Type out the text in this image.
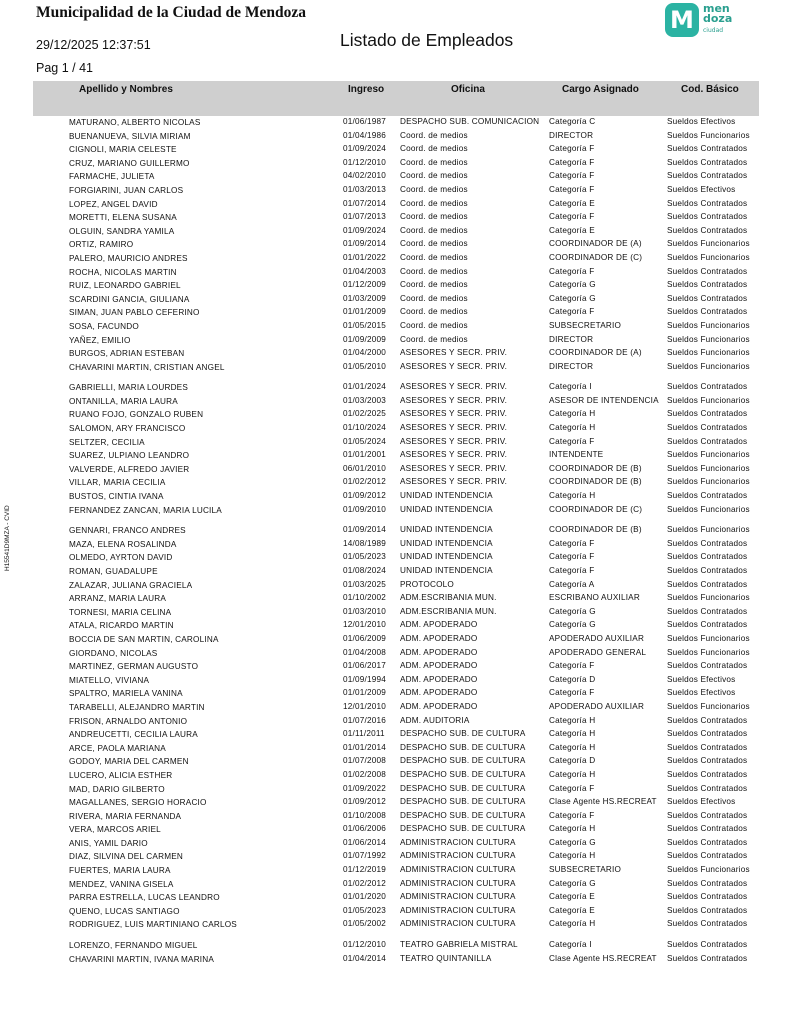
Municipalidad de la Ciudad de Mendoza
29/12/2025 12:37:51	Listado de Empleados
Pag 1 / 41
M men
doza
ciudad
Apellido y Nombres	Ingreso	Oficina	Cargo Asignado	Cod. Básico
H15541D9MZA - CVID
MATURANO, ALBERTO NICOLAS	01/06/1987	DESPACHO SUB. COMUNICACION	Categoría C	Sueldos Efectivos
BUENANUEVA, SILVIA MIRIAM	01/04/1986	Coord. de medios	DIRECTOR	Sueldos Funcionarios
CIGNOLI, MARIA CELESTE	01/09/2024	Coord. de medios	Categoría F	Sueldos Contratados
CRUZ, MARIANO GUILLERMO	01/12/2010	Coord. de medios	Categoría F	Sueldos Contratados
FARMACHE, JULIETA	04/02/2010	Coord. de medios	Categoría F	Sueldos Contratados
FORGIARINI, JUAN CARLOS	01/03/2013	Coord. de medios	Categoría F	Sueldos Efectivos
LOPEZ, ANGEL DAVID	01/07/2014	Coord. de medios	Categoría E	Sueldos Contratados
MORETTI, ELENA SUSANA	01/07/2013	Coord. de medios	Categoría F	Sueldos Contratados
OLGUIN, SANDRA YAMILA	01/09/2024	Coord. de medios	Categoría E	Sueldos Contratados
ORTIZ, RAMIRO	01/09/2014	Coord. de medios	COORDINADOR DE (A)	Sueldos Funcionarios
PALERO, MAURICIO ANDRES	01/01/2022	Coord. de medios	COORDINADOR DE (C)	Sueldos Funcionarios
ROCHA, NICOLAS MARTIN	01/04/2003	Coord. de medios	Categoría F	Sueldos Contratados
RUIZ, LEONARDO GABRIEL	01/12/2009	Coord. de medios	Categoría G	Sueldos Contratados
SCARDINI GANCIA, GIULIANA	01/03/2009	Coord. de medios	Categoría G	Sueldos Contratados
SIMAN, JUAN PABLO CEFERINO	01/01/2009	Coord. de medios	Categoría F	Sueldos Contratados
SOSA, FACUNDO	01/05/2015	Coord. de medios	SUBSECRETARIO	Sueldos Funcionarios
YAÑEZ, EMILIO	01/09/2009	Coord. de medios	DIRECTOR	Sueldos Funcionarios
BURGOS, ADRIAN ESTEBAN	01/04/2000	ASESORES Y SECR. PRIV.	COORDINADOR DE (A)	Sueldos Funcionarios
CHAVARINI MARTIN, CRISTIAN ANGEL	01/05/2010	ASESORES Y SECR. PRIV.	DIRECTOR	Sueldos Funcionarios
GABRIELLI, MARIA LOURDES	01/01/2024	ASESORES Y SECR. PRIV.	Categoría I	Sueldos Contratados
ONTANILLA, MARIA LAURA	01/03/2003	ASESORES Y SECR. PRIV.	ASESOR DE INTENDENCIA	Sueldos Funcionarios
RUANO FOJO, GONZALO RUBEN	01/02/2025	ASESORES Y SECR. PRIV.	Categoría H	Sueldos Contratados
SALOMON, ARY FRANCISCO	01/10/2024	ASESORES Y SECR. PRIV.	Categoría H	Sueldos Contratados
SELTZER, CECILIA	01/05/2024	ASESORES Y SECR. PRIV.	Categoría F	Sueldos Contratados
SUAREZ, ULPIANO LEANDRO	01/01/2001	ASESORES Y SECR. PRIV.	INTENDENTE	Sueldos Funcionarios
VALVERDE, ALFREDO JAVIER	06/01/2010	ASESORES Y SECR. PRIV.	COORDINADOR DE (B)	Sueldos Funcionarios
VILLAR, MARIA CECILIA	01/02/2012	ASESORES Y SECR. PRIV.	COORDINADOR DE (B)	Sueldos Funcionarios
BUSTOS, CINTIA IVANA	01/09/2012	UNIDAD INTENDENCIA	Categoría H	Sueldos Contratados
FERNANDEZ ZANCAN, MARIA LUCILA	01/09/2010	UNIDAD INTENDENCIA	COORDINADOR DE (C)	Sueldos Funcionarios
GENNARI, FRANCO ANDRES	01/09/2014	UNIDAD INTENDENCIA	COORDINADOR DE (B)	Sueldos Funcionarios
MAZA, ELENA ROSALINDA	14/08/1989	UNIDAD INTENDENCIA	Categoría F	Sueldos Contratados
OLMEDO, AYRTON DAVID	01/05/2023	UNIDAD INTENDENCIA	Categoría F	Sueldos Contratados
ROMAN, GUADALUPE	01/08/2024	UNIDAD INTENDENCIA	Categoría F	Sueldos Contratados
ZALAZAR, JULIANA GRACIELA	01/03/2025	PROTOCOLO	Categoría A	Sueldos Contratados
ARRANZ, MARIA LAURA	01/10/2002	ADM.ESCRIBANIA MUN.	ESCRIBANO AUXILIAR	Sueldos Funcionarios
TORNESI, MARIA CELINA	01/03/2010	ADM.ESCRIBANIA MUN.	Categoría G	Sueldos Contratados
ATALA, RICARDO MARTIN	12/01/2010	ADM. APODERADO	Categoría G	Sueldos Contratados
BOCCIA DE SAN MARTIN, CAROLINA	01/06/2009	ADM. APODERADO	APODERADO AUXILIAR	Sueldos Funcionarios
GIORDANO, NICOLAS	01/04/2008	ADM. APODERADO	APODERADO GENERAL	Sueldos Funcionarios
MARTINEZ, GERMAN AUGUSTO	01/06/2017	ADM. APODERADO	Categoría F	Sueldos Contratados
MIATELLO, VIVIANA	01/09/1994	ADM. APODERADO	Categoría D	Sueldos Efectivos
SPALTRO, MARIELA VANINA	01/01/2009	ADM. APODERADO	Categoría F	Sueldos Efectivos
TARABELLI, ALEJANDRO MARTIN	12/01/2010	ADM. APODERADO	APODERADO AUXILIAR	Sueldos Funcionarios
FRISON, ARNALDO ANTONIO	01/07/2016	ADM. AUDITORIA	Categoría H	Sueldos Contratados
ANDREUCETTI, CECILIA LAURA	01/11/2011	DESPACHO SUB. DE CULTURA	Categoría H	Sueldos Contratados
ARCE, PAOLA MARIANA	01/01/2014	DESPACHO SUB. DE CULTURA	Categoría H	Sueldos Contratados
GODOY, MARIA DEL CARMEN	01/07/2008	DESPACHO SUB. DE CULTURA	Categoría D	Sueldos Contratados
LUCERO, ALICIA ESTHER	01/02/2008	DESPACHO SUB. DE CULTURA	Categoría H	Sueldos Contratados
MAD, DARIO GILBERTO	01/09/2022	DESPACHO SUB. DE CULTURA	Categoría F	Sueldos Contratados
MAGALLANES, SERGIO HORACIO	01/09/2012	DESPACHO SUB. DE CULTURA	Clase Agente HS.RECREAT	Sueldos Efectivos
RIVERA, MARIA FERNANDA	01/10/2008	DESPACHO SUB. DE CULTURA	Categoría F	Sueldos Contratados
VERA, MARCOS ARIEL	01/06/2006	DESPACHO SUB. DE CULTURA	Categoría H	Sueldos Contratados
ANIS, YAMIL DARIO	01/06/2014	ADMINISTRACION CULTURA	Categoría G	Sueldos Contratados
DIAZ, SILVINA DEL CARMEN	01/07/1992	ADMINISTRACION CULTURA	Categoría H	Sueldos Contratados
FUERTES, MARIA LAURA	01/12/2019	ADMINISTRACION CULTURA	SUBSECRETARIO	Sueldos Funcionarios
MENDEZ, VANINA GISELA	01/02/2012	ADMINISTRACION CULTURA	Categoría G	Sueldos Contratados
PARRA ESTRELLA, LUCAS LEANDRO	01/01/2020	ADMINISTRACION CULTURA	Categoría E	Sueldos Contratados
QUENO, LUCAS SANTIAGO	01/05/2023	ADMINISTRACION CULTURA	Categoría E	Sueldos Contratados
RODRIGUEZ, LUIS MARTINIANO CARLOS	01/05/2002	ADMINISTRACION CULTURA	Categoría H	Sueldos Contratados
LORENZO, FERNANDO MIGUEL	01/12/2010	TEATRO GABRIELA MISTRAL	Categoría I	Sueldos Contratados
CHAVARINI MARTIN, IVANA MARINA	01/04/2014	TEATRO QUINTANILLA	Clase Agente HS.RECREAT	Sueldos Contratados
